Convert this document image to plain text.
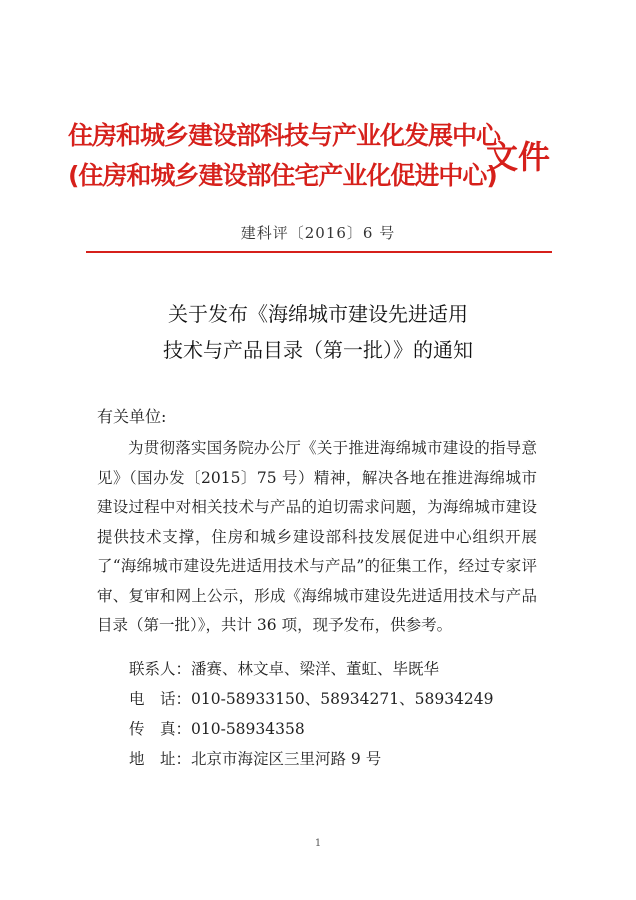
住房和城乡建设部科技与产业化发展中心
(住房和城乡建设部住宅产业化促进中心)
文件
建科评〔2016〕6 号
关于发布《海绵城市建设先进适用
技术与产品目录（第一批）》的通知
有关单位:
为贯彻落实国务院办公厅《关于推进海绵城市建设的指导意见》（国办发〔2015〕75 号）精神，解决各地在推进海绵城市建设过程中对相关技术与产品的迫切需求问题，为海绵城市建设提供技术支撑，住房和城乡建设部科技发展促进中心组织开展了“海绵城市建设先进适用技术与产品”的征集工作，经过专家评审、复审和网上公示，形成《海绵城市建设先进适用技术与产品目录（第一批）》，共计 36 项，现予发布，供参考。
联系人：潘赛、林文卓、梁洋、董虹、毕既华
电　话：010-58933150、58934271、58934249
传　真：010-58934358
地　址：北京市海淀区三里河路 9 号
1
